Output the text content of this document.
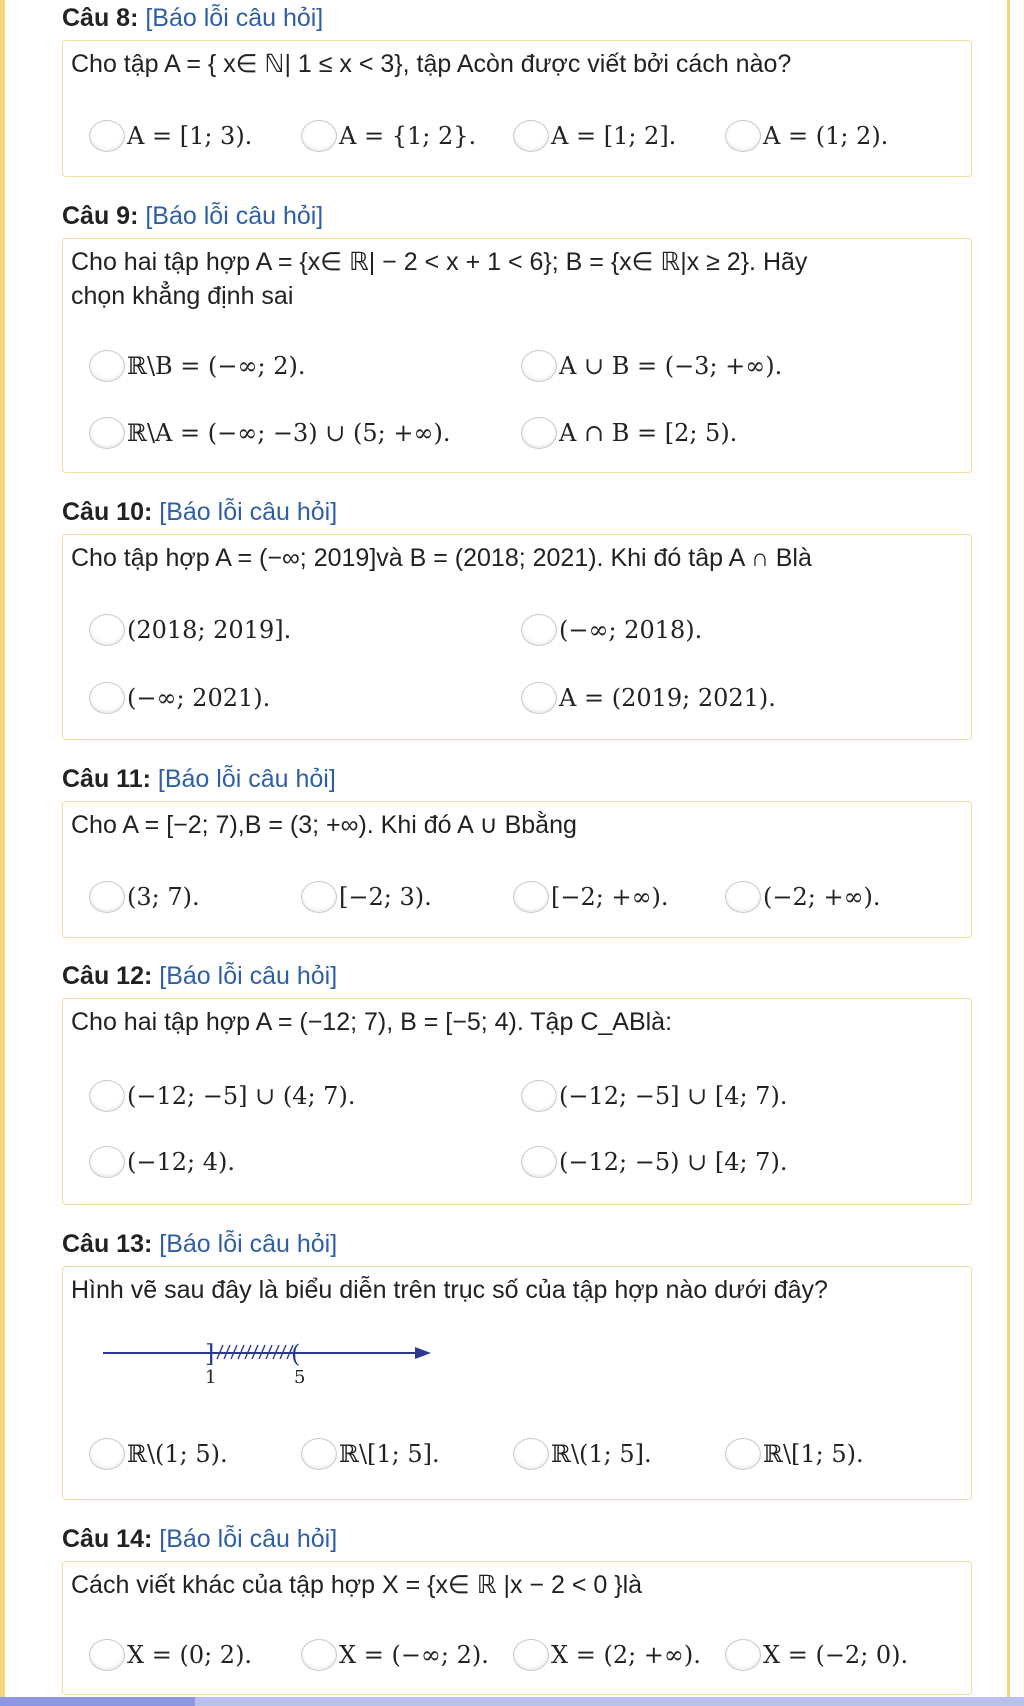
Câu 8: [Báo lỗi câu hỏi]
Cho tập A = { x∈ ℕ| 1 ≤ x < 3}, tập Acòn được viết bởi cách nào?
A = [1; 3).	A = {1; 2}.	A = [1; 2].	A = (1; 2).
Câu 9: [Báo lỗi câu hỏi]
Cho hai tập hợp A = {x∈ ℝ| − 2 < x + 1 < 6}; B = {x∈ ℝ|x ≥ 2}. Hãy
chọn khẳng định sai
ℝ\B = (−∞; 2).	A ∪ B = (−3; +∞).
ℝ\A = (−∞; −3) ∪ (5; +∞).	A ∩ B = [2; 5).
Câu 10: [Báo lỗi câu hỏi]
Cho tập hợp A = (−∞; 2019]và B = (2018; 2021). Khi đó tâp A ∩ Blà
(2018; 2019].	(−∞; 2018).
(−∞; 2021).	A = (2019; 2021).
Câu 11: [Báo lỗi câu hỏi]
Cho A = [−2; 7),B = (3; +∞). Khi đó A ∪ Bbằng
(3; 7).	[−2; 3).	[−2; +∞).	(−2; +∞).
Câu 12: [Báo lỗi câu hỏi]
Cho hai tập hợp A = (−12; 7), B = [−5; 4). Tập C_ABlà:
(−12; −5] ∪ (4; 7).	(−12; −5] ∪ [4; 7).
(−12; 4).	(−12; −5) ∪ [4; 7).
Câu 13: [Báo lỗi câu hỏi]
Hình vẽ sau đây là biểu diễn trên trục số của tập hợp nào dưới đây?
]	(
1	5
ℝ\(1; 5).	ℝ\[1; 5].	ℝ\(1; 5].	ℝ\[1; 5).
Câu 14: [Báo lỗi câu hỏi]
Cách viết khác của tập hợp X = {x∈ ℝ |x − 2 < 0 }là
X = (0; 2).	X = (−∞; 2).	X = (2; +∞).	X = (−2; 0).
